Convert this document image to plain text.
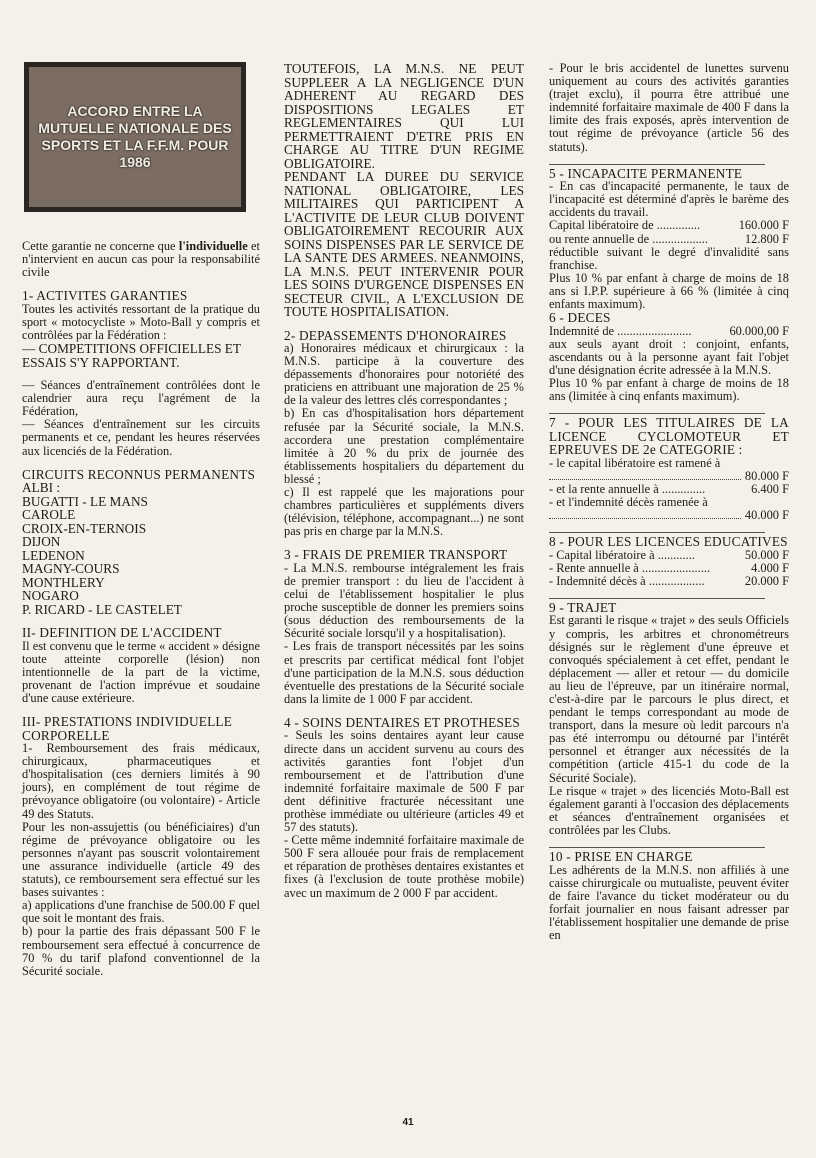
ACCORD ENTRE LA MUTUELLE NATIONALE DES SPORTS ET LA F.F.M. POUR 1986

Cette garantie ne concerne que l'individuelle et n'intervient en aucun cas pour la responsabilité civile

1- ACTIVITES GARANTIES

Toutes les activités ressortant de la pratique du sport « motocycliste » Moto-Ball y compris et contrôlées par la Fédération :

— COMPETITIONS OFFICIELLES ET ESSAIS S'Y RAPPORTANT.

— Séances d'entraînement contrôlées dont le calendrier aura reçu l'agrément de la Fédération,

— Séances d'entraînement sur les circuits permanents et ce, pendant les heures réservées aux licenciés de la Fédération.

CIRCUITS RECONNUS PERMANENTS
ALBI :
BUGATTI - LE MANS
CAROLE
CROIX-EN-TERNOIS
DIJON
LEDENON
MAGNY-COURS
MONTHLERY
NOGARO
P. RICARD - LE CASTELET
II- DEFINITION DE L'ACCIDENT

Il est convenu que le terme « accident » désigne toute atteinte corporelle (lésion) non intentionnelle de la part de la victime, provenant de l'action imprévue et soudaine d'une cause extérieure.

III- PRESTATIONS INDIVIDUELLE CORPORELLE

1- Remboursement des frais médicaux, chirurgicaux, pharmaceutiques et d'hospitalisation (ces derniers limités à 90 jours), en complément de tout régime de prévoyance obligatoire (ou volontaire) - Article 49 des Statuts.

Pour les non-assujettis (ou bénéficiaires) d'un régime de prévoyance obligatoire ou les personnes n'ayant pas souscrit volontairement une assurance individuelle (article 49 des statuts), ce remboursement sera effectué sur les bases suivantes :

a) applications d'une franchise de 500.00 F quel que soit le montant des frais.

b) pour la partie des frais dépassant 500 F le remboursement sera effectué à concurrence de 70 % du tarif plafond conventionnel de la Sécurité sociale.

TOUTEFOIS, LA M.N.S. NE PEUT SUPPLEER A LA NEGLIGENCE D'UN ADHERENT AU REGARD DES DISPOSITIONS LEGALES ET REGLEMENTAIRES QUI LUI PERMETTRAIENT D'ETRE PRIS EN CHARGE AU TITRE D'UN REGIME OBLIGATOIRE.

PENDANT LA DUREE DU SERVICE NATIONAL OBLIGATOIRE, LES MILITAIRES QUI PARTICIPENT A L'ACTIVITE DE LEUR CLUB DOIVENT OBLIGATOIREMENT RECOURIR AUX SOINS DISPENSES PAR LE SERVICE DE LA SANTE DES ARMEES. NEANMOINS, LA M.N.S. PEUT INTERVENIR POUR LES SOINS D'URGENCE DISPENSES EN SECTEUR CIVIL, A L'EXCLUSION DE TOUTE HOSPITALISATION.

2- DEPASSEMENTS D'HONORAIRES

a) Honoraires médicaux et chirurgicaux : la M.N.S. participe à la couverture des dépassements d'honoraires pour notoriété des praticiens en attribuant une majoration de 25 % de la valeur des lettres clés correspondantes ;

b) En cas d'hospitalisation hors département refusée par la Sécurité sociale, la M.N.S. accordera une prestation complémentaire limitée à 20 % du prix de journée des établissements hospitaliers du département du blessé ;

c) Il est rappelé que les majorations pour chambres particulières et suppléments divers (télévision, téléphone, accompagnant...) ne sont pas pris en charge par la M.N.S.

3 - FRAIS DE PREMIER TRANSPORT

- La M.N.S. rembourse intégralement les frais de premier transport : du lieu de l'accident à celui de l'établissement hospitalier le plus proche susceptible de donner les premiers soins (sous déduction des remboursements de la Sécurité sociale lorsqu'il y a hospitalisation).

- Les frais de transport nécessités par les soins et prescrits par certificat médical font l'objet d'une participation de la M.N.S. sous déduction éventuelle des prestations de la Sécurité sociale dans la limite de 1 000 F par accident.

4 - SOINS DENTAIRES ET PROTHESES

- Seuls les soins dentaires ayant leur cause directe dans un accident survenu au cours des activités garanties font l'objet d'un remboursement et de l'attribution d'une indemnité forfaitaire maximale de 500 F par dent définitive fracturée nécessitant une prothèse immédiate ou ultérieure (articles 49 et 57 des statuts).

- Cette même indemnité forfaitaire maximale de 500 F sera allouée pour frais de remplacement et réparation de prothèses dentaires existantes et fixes (à l'exclusion de toute prothèse mobile) avec un maximum de 2 000 F par accident.

- Pour le bris accidentel de lunettes survenu uniquement au cours des activités garanties (trajet exclu), il pourra être attribué une indemnité forfaitaire maximale de 400 F dans la limite des frais exposés, après intervention de tout régime de prévoyance (article 56 des statuts).

5 - INCAPACITE PERMANENTE

- En cas d'incapacité permanente, le taux de l'incapacité est déterminé d'après le barème des accidents du travail.

Capital libératoire de ..............	160.000 F
ou rente annuelle de ..................	12.800 F

réductible suivant le degré d'invalidité sans franchise.

Plus 10 % par enfant à charge de moins de 18 ans si I.P.P. supérieure à 66 % (limitée à cinq enfants maximum).

6 - DECES
Indemnité de ........................	60.000,00 F

aux seuls ayant droit : conjoint, enfants, ascendants ou à la personne ayant fait l'objet d'une désignation écrite adressée à la M.N.S.

Plus 10 % par enfant à charge de moins de 18 ans (limitée à cinq enfants maximum).

7 - POUR LES TITULAIRES DE LA LICENCE CYCLOMOTEUR ET EPREUVES DE 2e CATEGORIE :
- le capital libératoire est ramené à
80.000 F
- et la rente annuelle à ..............	6.400 F
- et l'indemnité décès ramenée à
40.000 F
8 - POUR LES LICENCES EDUCATIVES
- Capital libératoire à ............	50.000 F
- Rente annuelle à ......................	4.000 F
- Indemnité décès à ..................	20.000 F
9 - TRAJET

Est garanti le risque « trajet » des seuls Officiels y compris, les arbitres et chronométreurs désignés sur le règlement d'une épreuve et convoqués spécialement à cet effet, pendant le déplacement — aller et retour — du domicile au lieu de l'épreuve, par un itinéraire normal, c'est-à-dire par le parcours le plus direct, et pendant le temps correspondant au mode de transport, dans la mesure où ledit parcours n'a pas été interrompu ou détourné par l'intérêt personnel et étranger aux nécessités de la compétition (article 415-1 du code de la Sécurité Sociale).

Le risque « trajet » des licenciés Moto-Ball est également garanti à l'occasion des déplacements et séances d'entraînement organisées et contrôlées par les Clubs.

10 - PRISE EN CHARGE

Les adhérents de la M.N.S. non affiliés à une caisse chirurgicale ou mutualiste, peuvent éviter de faire l'avance du ticket modérateur ou du forfait journalier en nous faisant adresser par l'établissement hospitalier une demande de prise en

41
